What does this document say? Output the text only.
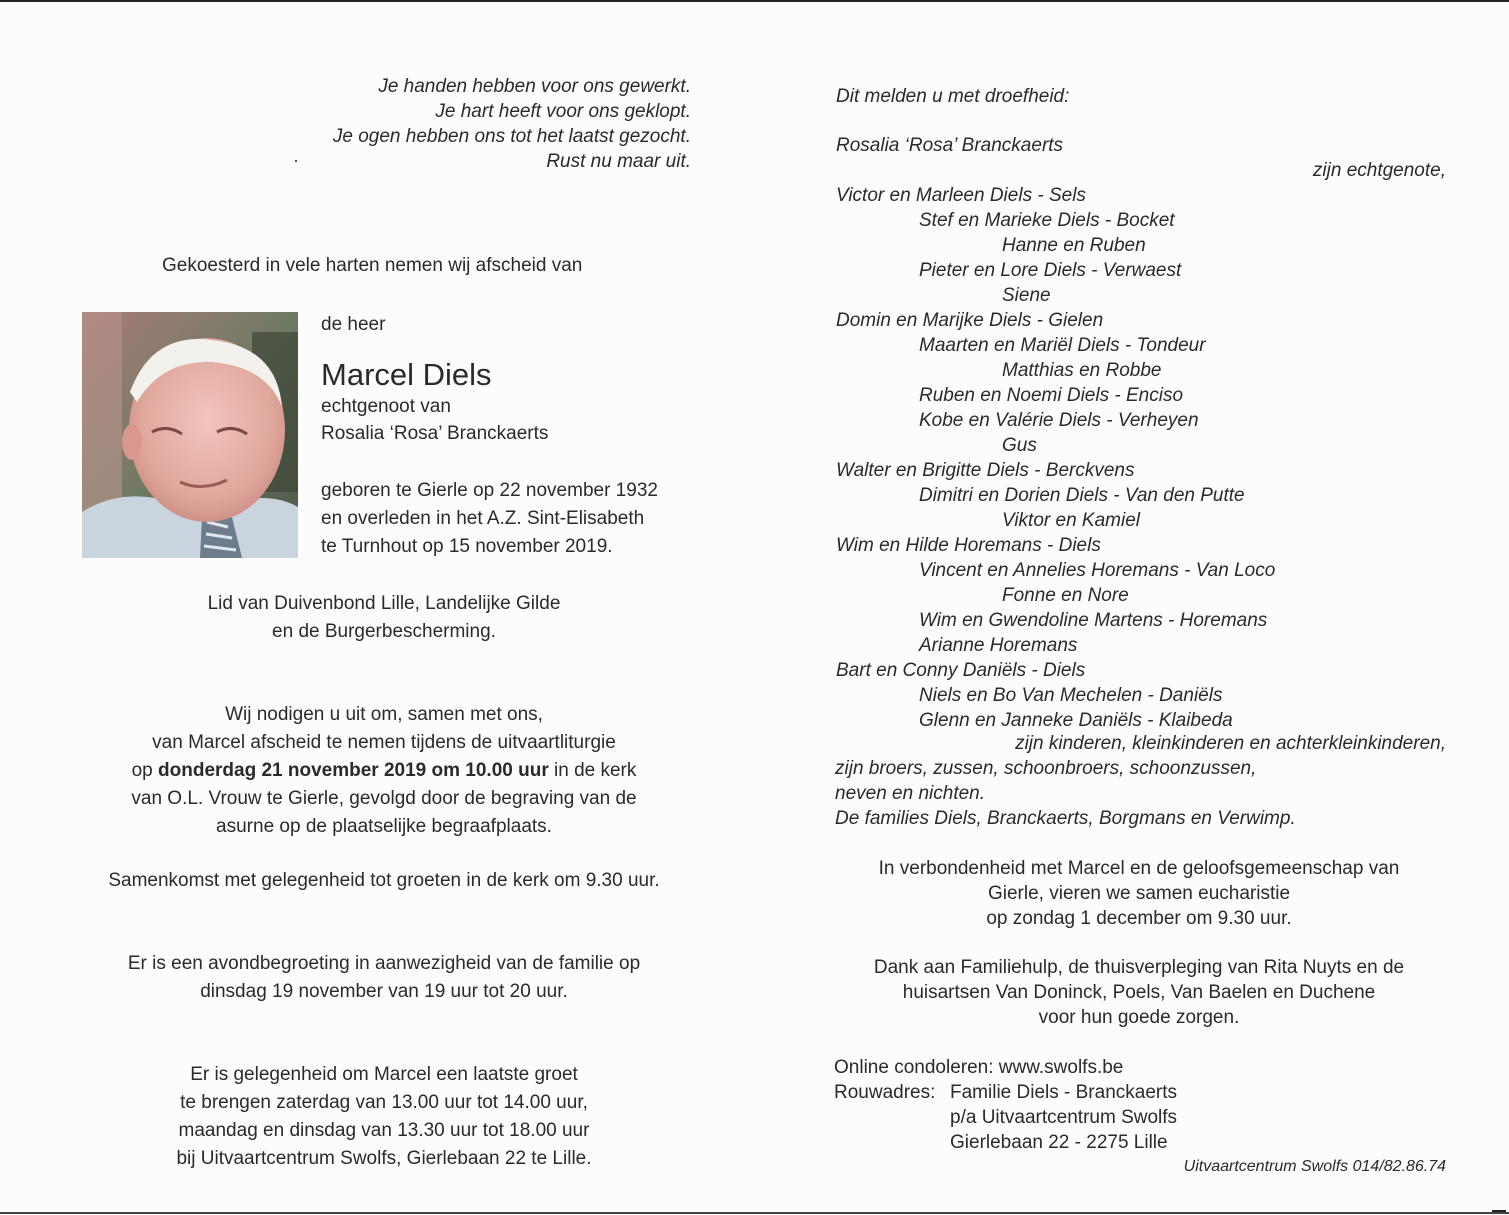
Je handen hebben voor ons gewerkt.
Je hart heeft voor ons geklopt.
Je ogen hebben ons tot het laatst gezocht.
Rust nu maar uit.
Gekoesterd in vele harten nemen wij afscheid van
de heer
Marcel Diels
echtgenoot van
Rosalia ‘Rosa’ Branckaerts
geboren te Gierle op 22 november 1932
en overleden in het A.Z. Sint-Elisabeth
te Turnhout op 15 november 2019.
Lid van Duivenbond Lille, Landelijke Gilde
en de Burgerbescherming.
Wij nodigen u uit om, samen met ons,
van Marcel afscheid te nemen tijdens de uitvaartliturgie
op donderdag 21 november 2019 om 10.00 uur in de kerk
van O.L. Vrouw te Gierle, gevolgd door de begraving van de
asurne op de plaatselijke begraafplaats.
Samenkomst met gelegenheid tot groeten in de kerk om 9.30 uur.
Er is een avondbegroeting in aanwezigheid van de familie op
dinsdag 19 november van 19 uur tot 20 uur.
Er is gelegenheid om Marcel een laatste groet
te brengen zaterdag van 13.00 uur tot 14.00 uur,
maandag en dinsdag van 13.30 uur tot 18.00 uur
bij Uitvaartcentrum Swolfs, Gierlebaan 22 te Lille.
Dit melden u met droefheid:
Rosalia ‘Rosa’ Branckaerts
zijn echtgenote,
Victor en Marleen Diels - Sels
Stef en Marieke Diels - Bocket
Hanne en Ruben
Pieter en Lore Diels - Verwaest
Siene
Domin en Marijke Diels - Gielen
Maarten en Mariël Diels - Tondeur
Matthias en Robbe
Ruben en Noemi Diels - Enciso
Kobe en Valérie Diels - Verheyen
Gus
Walter en Brigitte Diels - Berckvens
Dimitri en Dorien Diels - Van den Putte
Viktor en Kamiel
Wim en Hilde Horemans - Diels
Vincent en Annelies Horemans - Van Loco
Fonne en Nore
Wim en Gwendoline Martens - Horemans
Arianne Horemans
Bart en Conny Daniëls - Diels
Niels en Bo Van Mechelen - Daniëls
Glenn en Janneke Daniëls - Klaibeda
zijn kinderen, kleinkinderen en achterkleinkinderen,
zijn broers, zussen, schoonbroers, schoonzussen,
neven en nichten.
De families Diels, Branckaerts, Borgmans en Verwimp.
In verbondenheid met Marcel en de geloofsgemeenschap van
Gierle, vieren we samen eucharistie
op zondag 1 december om 9.30 uur.
Dank aan Familiehulp, de thuisverpleging van Rita Nuyts en de
huisartsen Van Doninck, Poels, Van Baelen en Duchene
voor hun goede zorgen.
Online condoleren: www.swolfs.be
Rouwadres: Familie Diels - Branckaerts
p/a Uitvaartcentrum Swolfs
Gierlebaan 22 - 2275 Lille
Uitvaartcentrum Swolfs 014/82.86.74
